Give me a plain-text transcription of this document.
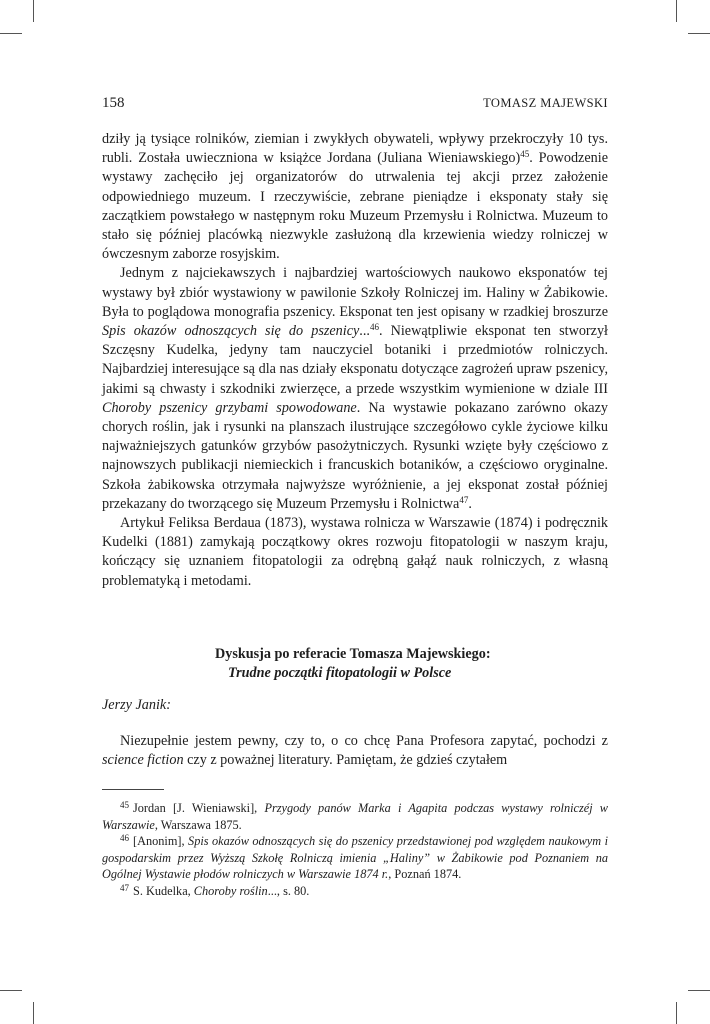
158	TOMASZ MAJEWSKI

dziły ją tysiące rolników, ziemian i zwykłych obywateli, wpływy przekroczyły 10 tys. rubli. Została uwieczniona w książce Jordana (Juliana Wieniawskiego)$^{45}$. Powodzenie wystawy zachęciło jej organizatorów do utrwalenia tej akcji przez założenie odpowiedniego muzeum. I rzeczywiście, zebrane pieniądze i eksponaty stały się zaczątkiem powstałego w następnym roku Muzeum Przemysłu i Rolnictwa. Muzeum to stało się później placówką niezwykle zasłużoną dla krzewienia wiedzy rolniczej w ówczesnym zaborze rosyjskim.

Jednym z najciekawszych i najbardziej wartościowych naukowo eksponatów tej wystawy był zbiór wystawiony w pawilonie Szkoły Rolniczej im. Haliny w Żabikowie. Była to poglądowa monografia pszenicy. Eksponat ten jest opisany w rzadkiej broszurze Spis okazów odnoszących się do pszenicy...$^{46}$. Niewątpliwie eksponat ten stworzył Szczęsny Kudelka, jedyny tam nauczyciel botaniki i przedmiotów rolniczych. Najbardziej interesujące są dla nas działy eksponatu dotyczące zagrożeń upraw pszenicy, jakimi są chwasty i szkodniki zwierzęce, a przede wszystkim wymienione w dziale III Choroby pszenicy grzybami spowodowane. Na wystawie pokazano zarówno okazy chorych roślin, jak i rysunki na planszach ilustrujące szczegółowo cykle życiowe kilku najważniejszych gatunków grzybów pasożytniczych. Rysunki wzięte były częściowo z najnowszych publikacji niemieckich i francuskich botaników, a częściowo oryginalne. Szkoła żabikowska otrzymała najwyższe wyróżnienie, a jej eksponat został później przekazany do tworzącego się Muzeum Przemysłu i Rolnictwa$^{47}$.

Artykuł Feliksa Berdaua (1873), wystawa rolnicza w Warszawie (1874) i podręcznik Kudelki (1881) zamykają początkowy okres rozwoju fitopatologii w naszym kraju, kończący się uznaniem fitopatologii za odrębną gałąź nauk rolniczych, z własną problematyką i metodami.

Dyskusja po referacie Tomasza Majewskiego:
Trudne początki fitopatologii w Polsce
Jerzy Janik:

Niezupełnie jestem pewny, czy to, o co chcę Pana Profesora zapytać, pochodzi z science fiction czy z poważnej literatury. Pamiętam, że gdzieś czytałem

$^{45}$ Jordan [J. Wieniawski], Przygody panów Marka i Agapita podczas wystawy rolniczéj w Warszawie, Warszawa 1875.

$^{46}$ [Anonim], Spis okazów odnoszących się do pszenicy przedstawionej pod względem naukowym i gospodarskim przez Wyższą Szkołę Rolniczą imienia „Haliny” w Żabikowie pod Poznaniem na Ogólnej Wystawie płodów rolniczych w Warszawie 1874 r., Poznań 1874.

$^{47}$ S. Kudelka, Choroby roślin..., s. 80.
